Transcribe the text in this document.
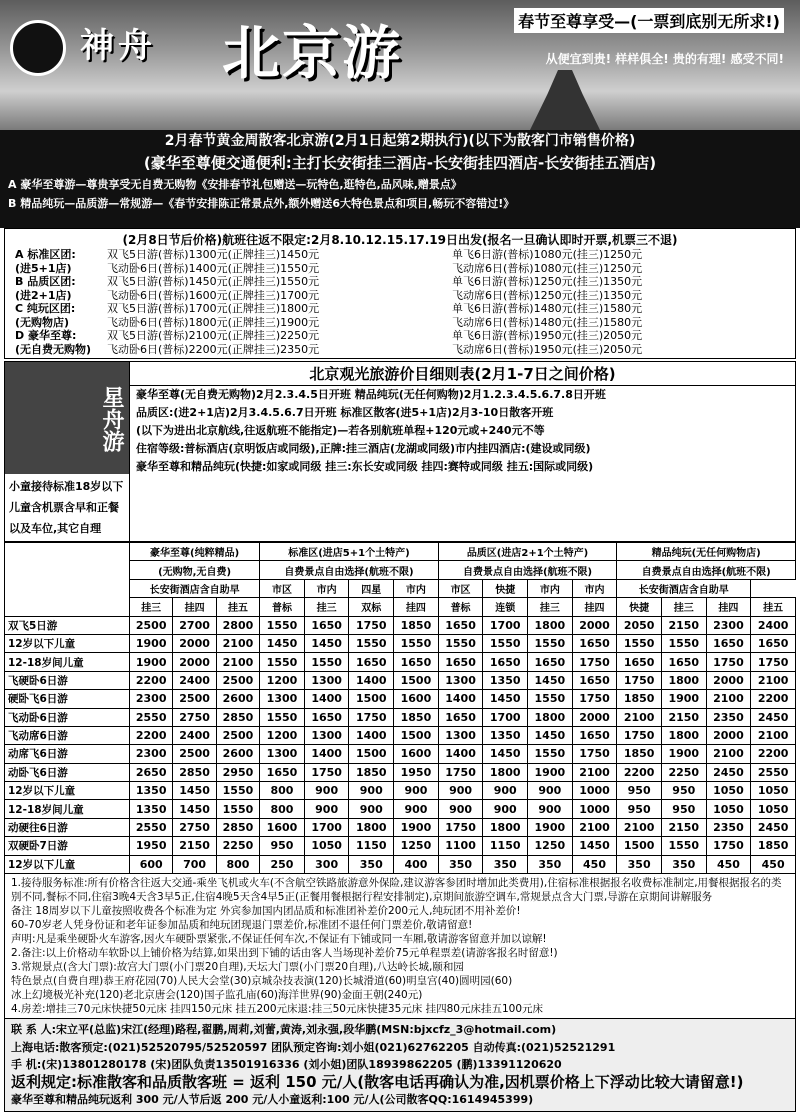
神舟 北京游	春节至尊享受—(一票到底别无所求!)
从便宜到贵! 样样俱全! 贵的有理! 感受不同!
2月春节黄金周散客北京游(2月1日起第2期执行)(以下为散客门市销售价格)
(豪华至尊便交通便利:主打长安街挂三酒店-长安街挂四酒店-长安街挂五酒店)
A 豪华至尊游—尊贵享受无自费无购物《安排春节礼包赠送—玩特色,逛特色,品风味,赠景点》
B 精品纯玩—品质游—常规游—《春节安排陈正常景点外,额外赠送6大特色景点和项目,畅玩不容错过!》
(2月8日节后价格)航班往返不限定:2月8.10.12.15.17.19日出发(报名一旦确认即时开票,机票三不退)
A 标准区团:	双飞5日游(普标)1300元(正牌挂三)1450元	单飞6日游(普标)1080元(挂三)1250元
(进5+1店)	飞动卧6日(普标)1400元(正牌挂三)1550元	飞动席6日(普标)1080元(挂三)1250元
B 品质区团:	双飞5日游(普标)1450元(正牌挂三)1550元	单飞6日游(普标)1250元(挂三)1350元
(进2+1店)	飞动卧6日(普标)1600元(正牌挂三)1700元	飞动席6日(普标)1250元(挂三)1350元
C 纯玩区团:	双飞5日游(普标)1700元(正牌挂三)1800元	单飞6日游(普标)1480元(挂三)1580元
(无购物店)	飞动卧6日(普标)1800元(正牌挂三)1900元	飞动席6日(普标)1480元(挂三)1580元
D 豪华至尊:	双飞5日游(普标)2100元(正牌挂三)2250元	单飞6日游(普标)1950元(挂三)2050元
(无自费无购物)	飞动卧6日(普标)2200元(正牌挂三)2350元	飞动席6日(普标)1950元(挂三)2050元
星舟游
小童接待标准18岁以下儿童含机票含早和正餐以及车位,其它自理
北京观光旅游价目细则表(2月1-7日之间价格)
豪华至尊(无自费无购物)2月2.3.4.5日开班 精品纯玩(无任何购物)2月1.2.3.4.5.6.7.8日开班
品质区:(进2+1店)2月3.4.5.6.7日开班 标准区散客(进5+1店)2月3-10日散客开班
(以下为进出北京航线,往返航班不能指定)—若各别航班单程+120元或+240元不等
住宿等级:普标酒店(京明饭店或同级),正牌:挂三酒店(龙湖或同级)市内挂四酒店:(建设或同级)
豪华至尊和精品纯玩(快捷:如家或同级 挂三:东长安或同级 挂四:赛特或同级 挂五:国际或同级)
	豪华至尊(纯粹精品)			标准区(进店5+1个土特产)				品质区(进店2+1个土特产)				精品纯玩(无任何购物店)			
	(无购物,无自费)			自费景点自由选择(航班不限)				自费景点自由选择(航班不限)				自费景点自由选择(航班不限)			
	长安街酒店含自助早			市区	市内	四星	市内	市区	快捷	市内	市内	长安街酒店含自助早			
	挂三	挂四	挂五	普标	挂三	双标	挂四	普标	连锁	挂三	挂四	快捷	挂三	挂四	挂五
双飞5日游	2500	2700	2800	1550	1650	1750	1850	1650	1700	1800	2000	2050	2150	2300	2400
12岁以下儿童	1900	2000	2100	1450	1450	1550	1550	1550	1550	1550	1650	1550	1550	1650	1650
12-18岁间儿童	1900	2000	2100	1550	1550	1650	1650	1650	1650	1650	1750	1650	1650	1750	1750
飞硬卧6日游	2200	2400	2500	1200	1300	1400	1500	1300	1350	1450	1650	1750	1800	2000	2100
硬卧飞6日游	2300	2500	2600	1300	1400	1500	1600	1400	1450	1550	1750	1850	1900	2100	2200
飞动卧6日游	2550	2750	2850	1550	1650	1750	1850	1650	1700	1800	2000	2100	2150	2350	2450
飞动席6日游	2200	2400	2500	1200	1300	1400	1500	1300	1350	1450	1650	1750	1800	2000	2100
动席飞6日游	2300	2500	2600	1300	1400	1500	1600	1400	1450	1550	1750	1850	1900	2100	2200
动卧飞6日游	2650	2850	2950	1650	1750	1850	1950	1750	1800	1900	2100	2200	2250	2450	2550
12岁以下儿童	1350	1450	1550	800	900	900	900	900	900	900	1000	950	950	1050	1050
12-18岁间儿童	1350	1450	1550	800	900	900	900	900	900	900	1000	950	950	1050	1050
动硬往6日游	2550	2750	2850	1600	1700	1800	1900	1750	1800	1900	2100	2100	2150	2350	2450
双硬卧7日游	1950	2150	2250	950	1050	1150	1250	1100	1150	1250	1450	1500	1550	1750	1850
12岁以下儿童	600	700	800	250	300	350	400	350	350	350	450	350	350	450	450
1.接待服务标准:所有价格含往返大交通-乘坐飞机或火车(不含航空铁路旅游意外保险,建议游客参团时增加此类费用),住宿标准根据报名收费标准制定,用餐根据报名的类别不同,餐标不同,住宿3晚4天含3早5正,住宿4晚5天含4早5正(正餐用餐根据行程安排制定),京期间旅游空调车,常规景点含大门票,导游在京期间讲解服务
备注 18周岁以下儿童按照收费各个标准为定 外宾参加国内团品质和标准团补差价200元人,纯玩团不用补差价!
60-70岁老人凭身份证和老年证参加品质和纯玩团现退门票差价,标准团不退任何门票差价,敬请留意!
声明:凡是乘坐硬卧火车游客,因火车硬卧票紧张,不保证任何车次,不保证有下铺或同一车厢,敬请游客留意并加以谅解!
2.备注:以上价格动车软卧以上铺价格为结算,如果出到下铺的话由客人当场现补差价75元单程票差(请游客报名时留意!)
3.常规景点(含大门票):故宫大门票(小门票20自理),天坛大门票(小门票20自理),八达岭长城,颐和园
特色景点(自费自理)恭王府花园(70)人民大会堂(30)京城杂技表演(120)长城滑道(60)明皇宫(40)圆明园(60)
冰上幻境极光补充(120)老北京唐会(120)国子监孔庙(60)海洋世界(90)金面王朝(240元)
4.房差:增挂三70元床快捷50元床 挂四150元床 挂五200元床退:挂三50元床快捷35元床 挂四80元床挂五100元床
联 系 人:宋立平(总监)宋江(经理)路程,翟鹏,周莉,刘蕾,黄涛,刘永强,段华鹏(MSN:bjxcfz_3@hotmail.com)
上海电话:散客预定:(021)52520795/52520597 团队预定咨询:刘小姐(021)62762205 自动传真:(021)52521291
手 机:(宋)13801280178 (宋)团队负责13501916336 (刘小姐)团队18939862205 (鹏)13391120620
返利规定:标准散客和品质散客班 = 返利 150 元/人(散客电话再确认为准,因机票价格上下浮动比较大请留意!)
豪华至尊和精品纯玩返利 300 元/人节后返 200 元/人小童返利:100 元/人(公司散客QQ:1614945399)
